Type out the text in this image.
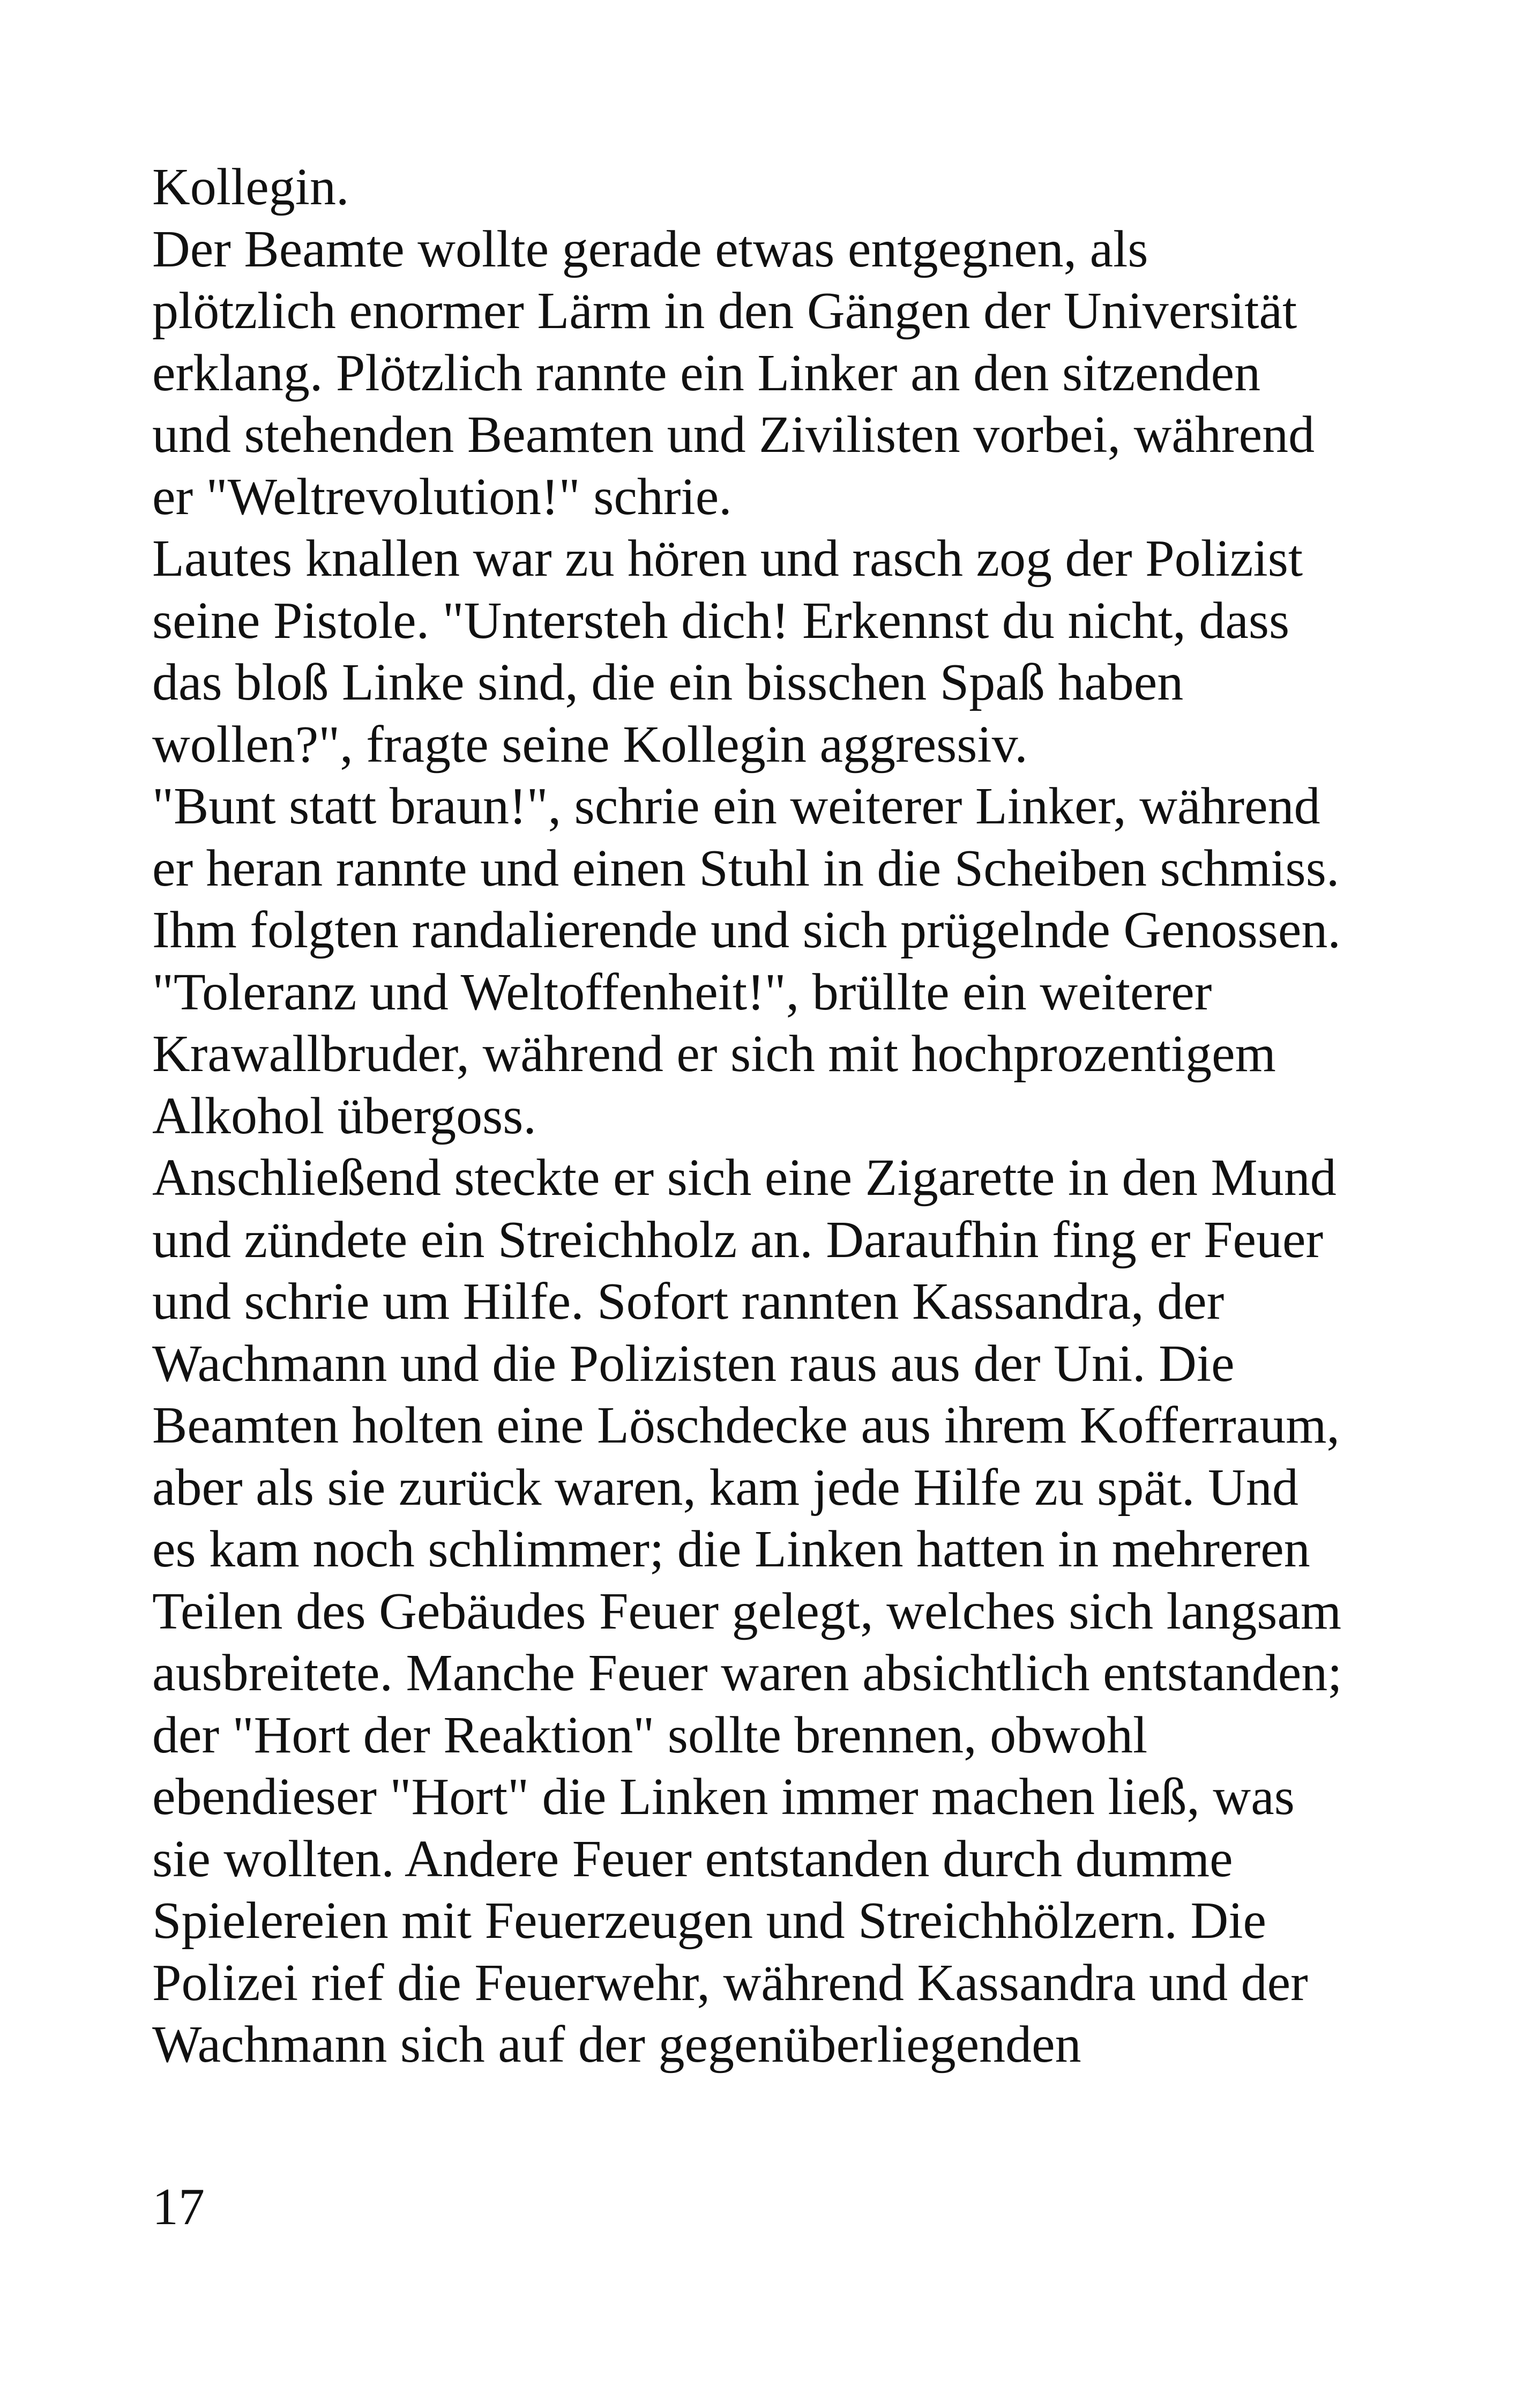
Kollegin.
Der Beamte wollte gerade etwas entgegnen, als
plötzlich enormer Lärm in den Gängen der Universität
erklang. Plötzlich rannte ein Linker an den sitzenden
und stehenden Beamten und Zivilisten vorbei, während
er "Weltrevolution!" schrie.
Lautes knallen war zu hören und rasch zog der Polizist
seine Pistole. "Untersteh dich! Erkennst du nicht, dass
das bloß Linke sind, die ein bisschen Spaß haben
wollen?", fragte seine Kollegin aggressiv.
"Bunt statt braun!", schrie ein weiterer Linker, während
er heran rannte und einen Stuhl in die Scheiben schmiss.
Ihm folgten randalierende und sich prügelnde Genossen.
"Toleranz und Weltoffenheit!", brüllte ein weiterer
Krawallbruder, während er sich mit hochprozentigem
Alkohol übergoss.
Anschließend steckte er sich eine Zigarette in den Mund
und zündete ein Streichholz an. Daraufhin fing er Feuer
und schrie um Hilfe. Sofort rannten Kassandra, der
Wachmann und die Polizisten raus aus der Uni. Die
Beamten holten eine Löschdecke aus ihrem Kofferraum,
aber als sie zurück waren, kam jede Hilfe zu spät. Und
es kam noch schlimmer; die Linken hatten in mehreren
Teilen des Gebäudes Feuer gelegt, welches sich langsam
ausbreitete. Manche Feuer waren absichtlich entstanden;
der "Hort der Reaktion" sollte brennen, obwohl
ebendieser "Hort" die Linken immer machen ließ, was
sie wollten. Andere Feuer entstanden durch dumme
Spielereien mit Feuerzeugen und Streichhölzern. Die
Polizei rief die Feuerwehr, während Kassandra und der
Wachmann sich auf der gegenüberliegenden
17
